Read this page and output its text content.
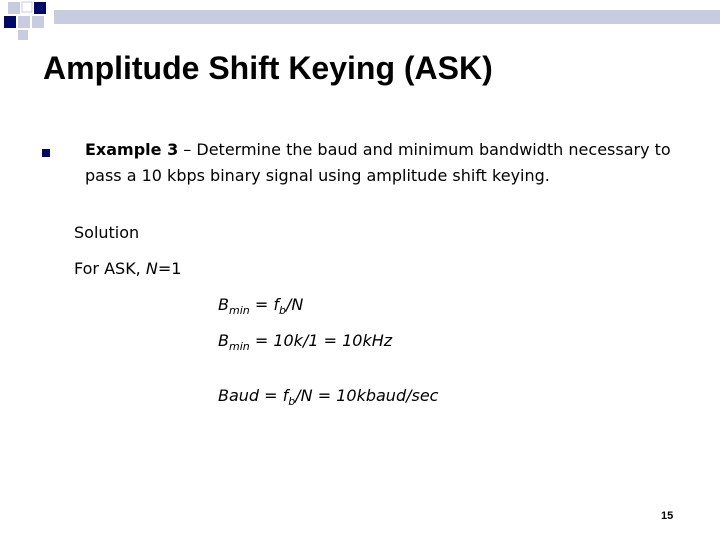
Amplitude Shift Keying (ASK)
Example 3 – Determine the baud and minimum bandwidth necessary to pass a 10 kbps binary signal using amplitude shift keying.
Solution
For ASK, N=1
$B_{min} = f_b/N$
$B_{min} = 10k/1 = 10kHz$
Baud = $f_b/N$ = 10kbaud/sec
15
